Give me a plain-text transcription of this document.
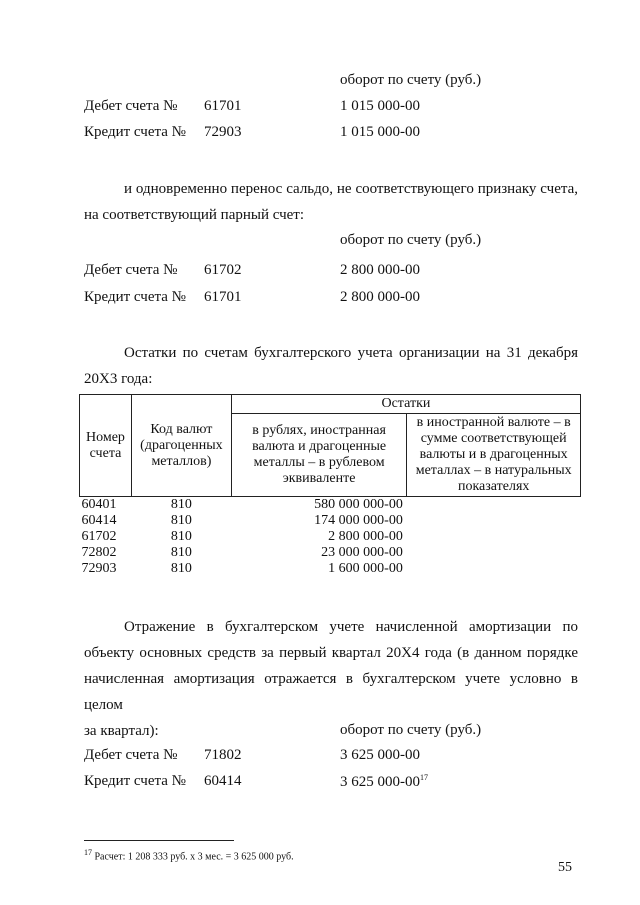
оборот по счету (руб.)
Дебет счета № 61701	1 015 000-00
Кредит счета № 72903	1 015 000-00
и одновременно перенос сальдо, не соответствующего признаку счета,
на соответствующий парный счет:
оборот по счету (руб.)
Дебет счета № 61702	2 800 000-00
Кредит счета № 61701	2 800 000-00
Остатки по счетам бухгалтерского учета организации на 31 декабря
20Х3 года:
Номер счета	Код валют (драгоценных металлов)	Остатки	
		в рублях, иностранная валюта и драгоценные металлы – в рублевом эквиваленте	в иностранной валюте – в сумме соответствующей валюты и в драгоценных металлах – в натуральных показателях
60401	810	580 000 000-00	
60414	810	174 000 000-00	
61702	810	2 800 000-00	
72802	810	23 000 000-00	
72903	810	1 600 000-00	
Отражение в бухгалтерском учете начисленной амортизации по
объекту основных средств за первый квартал 20Х4 года (в данном порядке
начисленная амортизация отражается в бухгалтерском учете условно в целом
за квартал):	оборот по счету (руб.)
Дебет счета № 71802	3 625 000-00
Кредит счета № 60414	3 625 $000-00^{17}$
$^{17}$ Расчет: 1 208 333 руб. х 3 мес. = 3 625 000 руб.
55
